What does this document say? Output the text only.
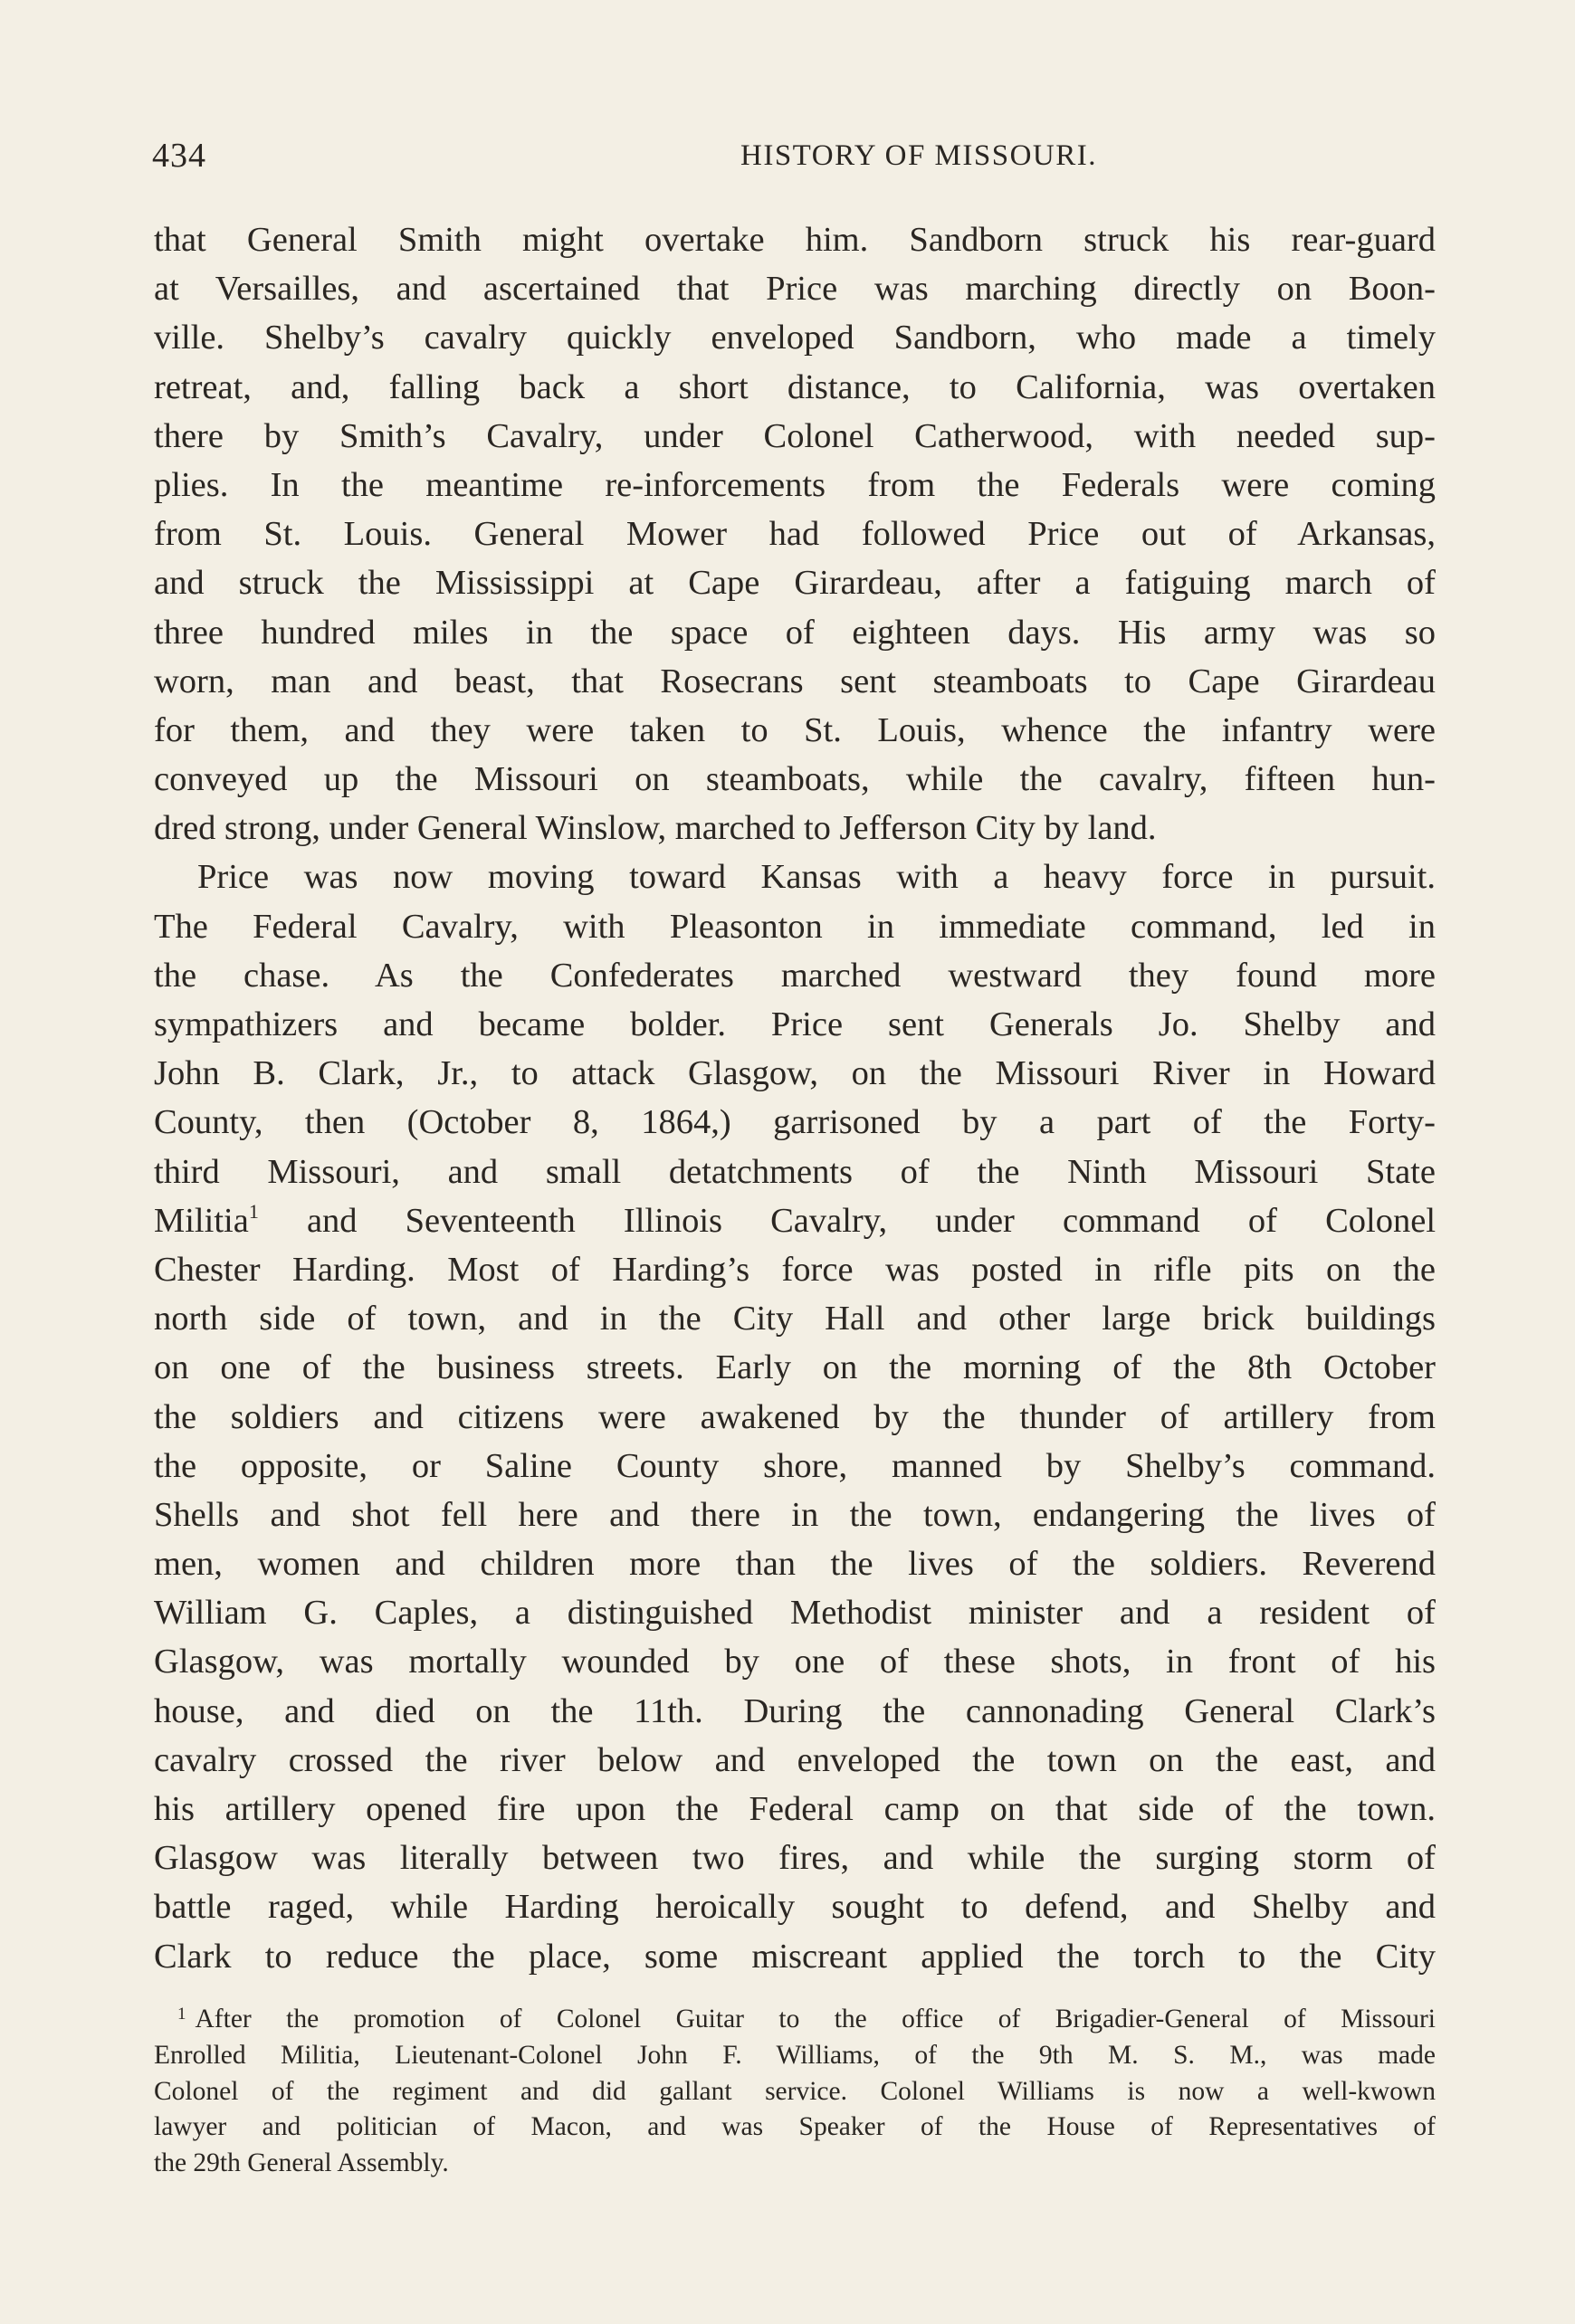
434	HISTORY OF MISSOURI.
that General Smith might overtake him. Sandborn struck his rear-guard
at Versailles, and ascertained that Price was marching directly on Boon-
ville. Shelby’s cavalry quickly enveloped Sandborn, who made a timely
retreat, and, falling back a short distance, to California, was overtaken
there by Smith’s Cavalry, under Colonel Catherwood, with needed sup-
plies. In the meantime re-inforcements from the Federals were coming
from St. Louis. General Mower had followed Price out of Arkansas,
and struck the Mississippi at Cape Girardeau, after a fatiguing march of
three hundred miles in the space of eighteen days. His army was so
worn, man and beast, that Rosecrans sent steamboats to Cape Girardeau
for them, and they were taken to St. Louis, whence the infantry were
conveyed up the Missouri on steamboats, while the cavalry, fifteen hun-
dred strong, under General Winslow, marched to Jefferson City by land.
Price was now moving toward Kansas with a heavy force in pursuit.
The Federal Cavalry, with Pleasonton in immediate command, led in
the chase. As the Confederates marched westward they found more
sympathizers and became bolder. Price sent Generals Jo. Shelby and
John B. Clark, Jr., to attack Glasgow, on the Missouri River in Howard
County, then (October 8, 1864,) garrisoned by a part of the Forty-
third Missouri, and small detatchments of the Ninth Missouri State
Militia$^1$ and Seventeenth Illinois Cavalry, under command of Colonel
Chester Harding. Most of Harding’s force was posted in rifle pits on the
north side of town, and in the City Hall and other large brick buildings
on one of the business streets. Early on the morning of the 8th October
the soldiers and citizens were awakened by the thunder of artillery from
the opposite, or Saline County shore, manned by Shelby’s command.
Shells and shot fell here and there in the town, endangering the lives of
men, women and children more than the lives of the soldiers. Reverend
William G. Caples, a distinguished Methodist minister and a resident of
Glasgow, was mortally wounded by one of these shots, in front of his
house, and died on the 11th. During the cannonading General Clark’s
cavalry crossed the river below and enveloped the town on the east, and
his artillery opened fire upon the Federal camp on that side of the town.
Glasgow was literally between two fires, and while the surging storm of
battle raged, while Harding heroically sought to defend, and Shelby and
Clark to reduce the place, some miscreant applied the torch to the City
$^1$ After the promotion of Colonel Guitar to the office of Brigadier-General of Missouri
Enrolled Militia, Lieutenant-Colonel John F. Williams, of the 9th M. S. M., was made
Colonel of the regiment and did gallant service. Colonel Williams is now a well-kwown
lawyer and politician of Macon, and was Speaker of the House of Representatives of
the 29th General Assembly.
